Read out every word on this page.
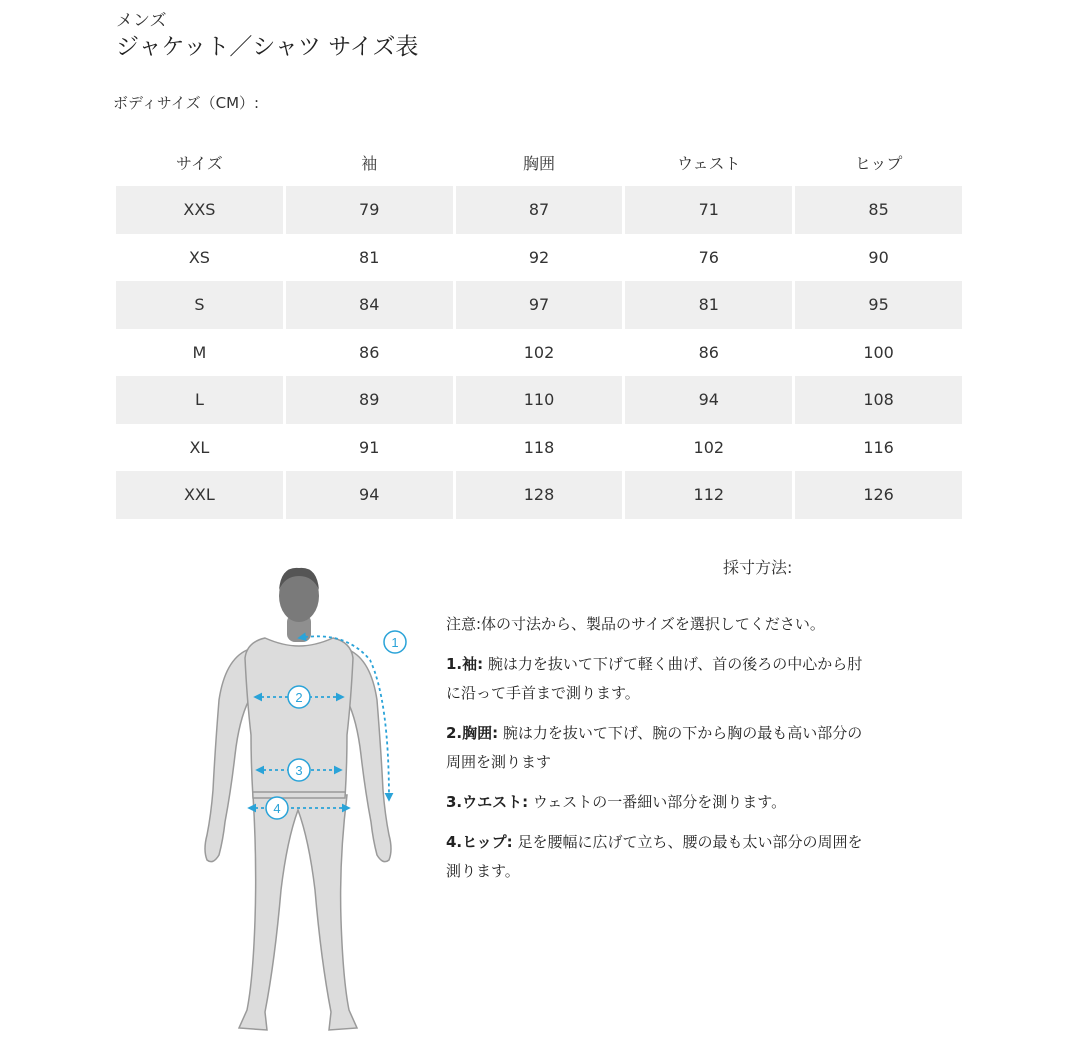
メンズ
ジャケット／シャツ サイズ表
ボディサイズ（CM）:
サイズ	袖	胸囲	ウェスト	ヒップ
XXS	79	87	71	85
XS	81	92	76	90
S	84	97	81	95
M	86	102	86	100
L	89	110	94	108
XL	91	118	102	116
XXL	94	128	112	126
1
2
3
4
採寸方法:

注意:体の寸法から、製品のサイズを選択してください。

1.袖: 腕は力を抜いて下げて軽く曲げ、首の後ろの中心から肘に沿って手首まで測ります。

2.胸囲: 腕は力を抜いて下げ、腕の下から胸の最も高い部分の周囲を測ります

3.ウエスト: ウェストの一番細い部分を測ります。

4.ヒップ: 足を腰幅に広げて立ち、腰の最も太い部分の周囲を測ります。
